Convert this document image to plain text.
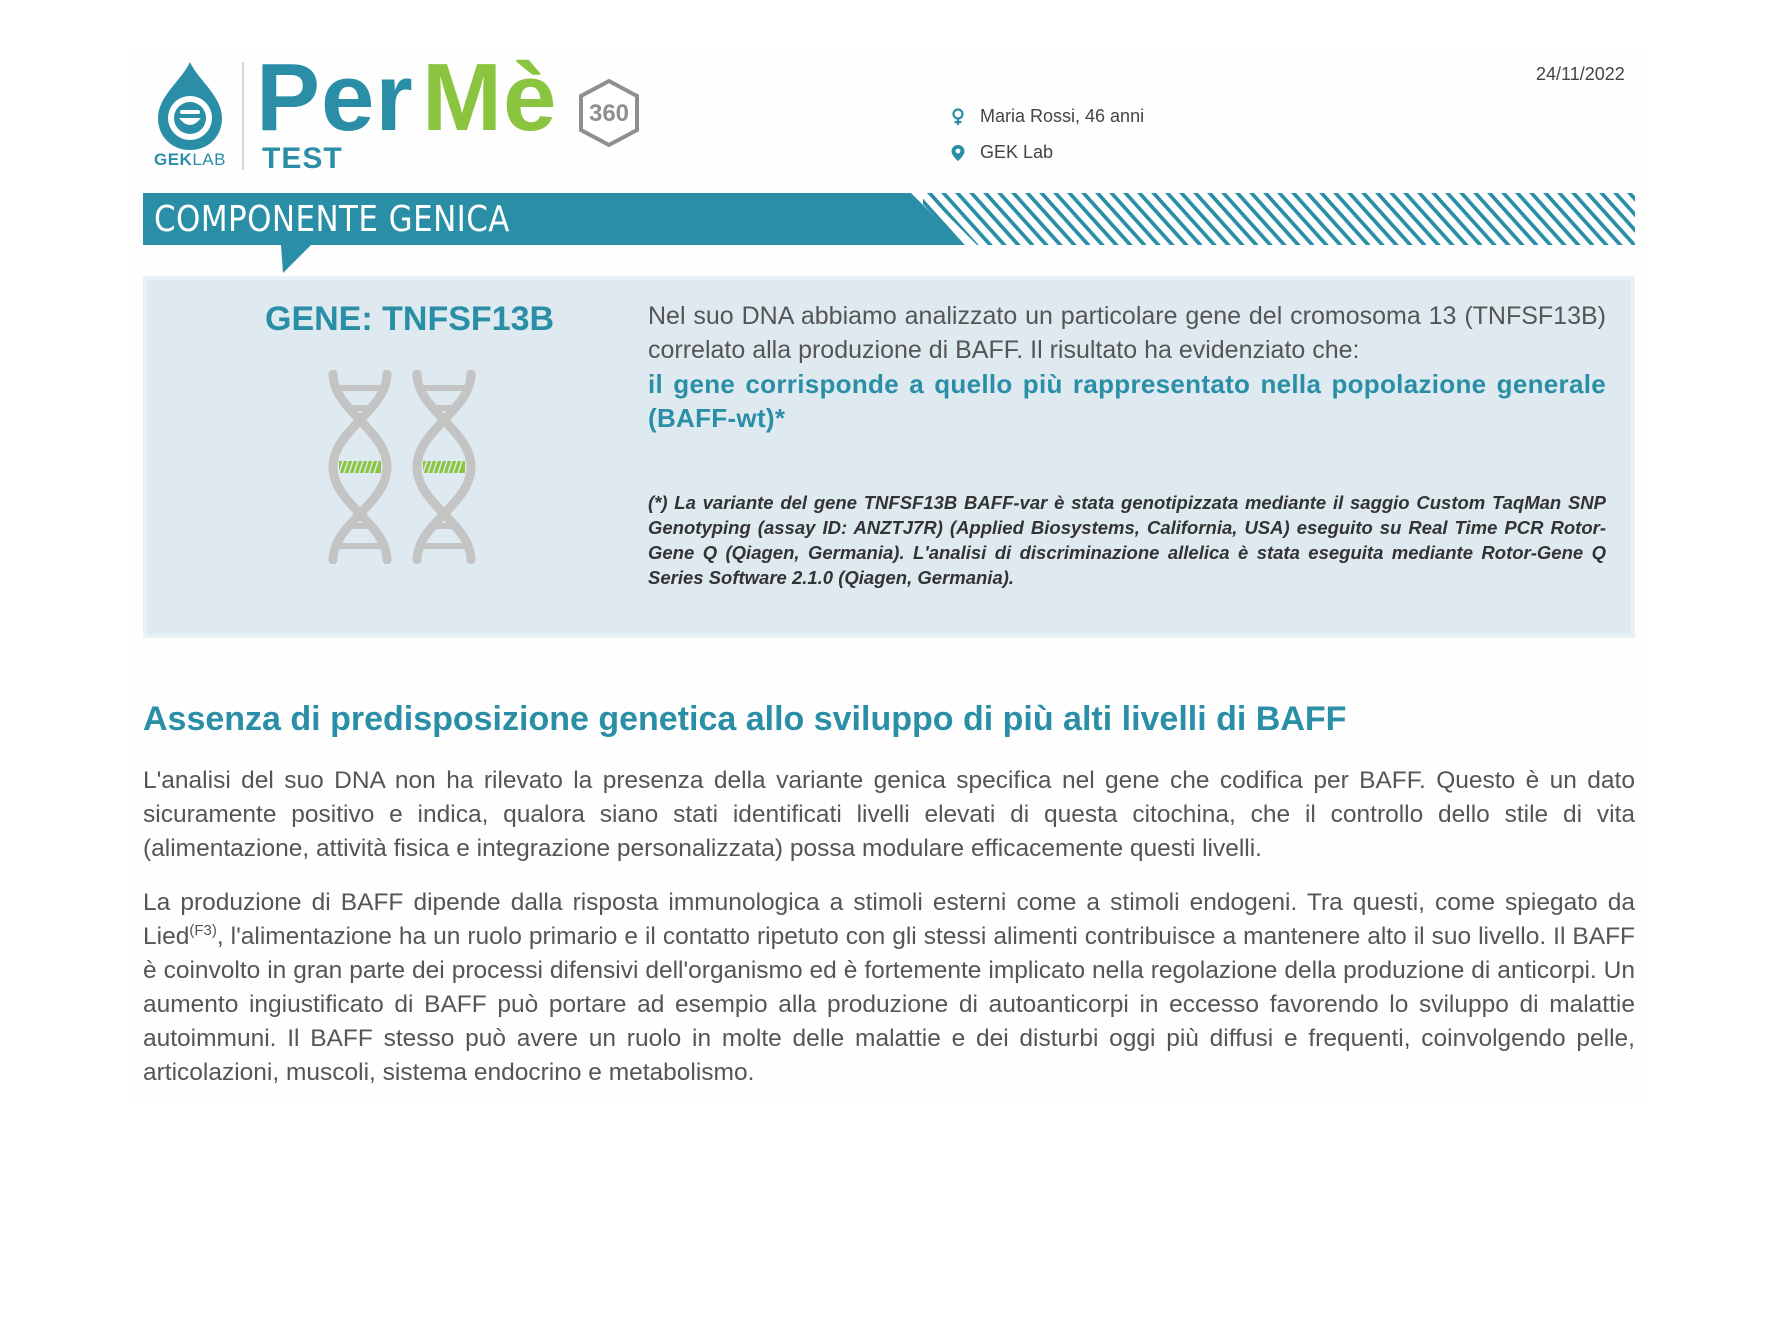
GEKLAB
Per Mè
TEST
360
24/11/2022
Maria Rossi, 46 anni
GEK Lab
COMPONENTE GENICA
GENE: TNFSF13B	Nel suo DNA abbiamo analizzato un particolare gene del cromosoma 13 (TNFSF13B) correlato alla produzione di BAFF. Il risultato ha evidenziato che:
il gene corrisponde a quello più rappresentato nella popolazione generale (BAFF-wt)*
(*) La variante del gene TNFSF13B BAFF-var è stata genotipizzata mediante il saggio Custom TaqMan SNP Genotyping (assay ID: ANZTJ7R) (Applied Biosystems, California, USA) eseguito su Real Time PCR Rotor-Gene Q (Qiagen, Germania). L'analisi di discriminazione allelica è stata eseguita mediante Rotor-Gene Q Series Software 2.1.0 (Qiagen, Germania).
Assenza di predisposizione genetica allo sviluppo di più alti livelli di BAFF
L'analisi del suo DNA non ha rilevato la presenza della variante genica specifica nel gene che codifica per BAFF. Questo è un dato sicuramente positivo e indica, qualora siano stati identificati livelli elevati di questa citochina, che il controllo dello stile di vita (alimentazione, attività fisica e integrazione personalizzata) possa modulare efficacemente questi livelli.
La produzione di BAFF dipende dalla risposta immunologica a stimoli esterni come a stimoli endogeni. Tra questi, come spiegato da Lied$^{(F3)}$, l'alimentazione ha un ruolo primario e il contatto ripetuto con gli stessi alimenti contribuisce a mantenere alto il suo livello. Il BAFF è coinvolto in gran parte dei processi difensivi dell'organismo ed è fortemente implicato nella regolazione della produzione di anticorpi. Un aumento ingiustificato di BAFF può portare ad esempio alla produzione di autoanticorpi in eccesso favorendo lo sviluppo di malattie autoimmuni. Il BAFF stesso può avere un ruolo in molte delle malattie e dei disturbi oggi più diffusi e frequenti, coinvolgendo pelle, articolazioni, muscoli, sistema endocrino e metabolismo.
